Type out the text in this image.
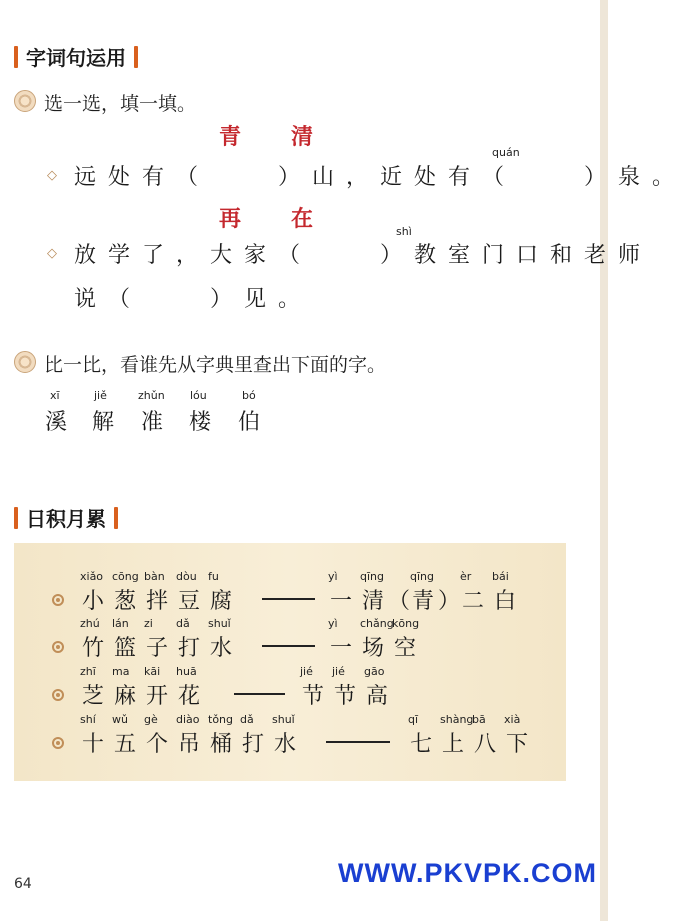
字词句运用
选一选，填一填。
青 清
◇
quán
远处有（　　）山，近处有（　　）泉。
再 在
◇
shì
放学了，大家（　　）教室门口和老师
说（　　）见。
比一比，看谁先从字典里查出下面的字。
xī
溪
jiě
解
zhǔn
准
lóu
楼
bó
伯
日积月累
xiǎo
小
cōng
葱
bàn
拌
dòu
豆
fu
腐
yì
一
qīng
清 （
qīng
青 ）
èr
二
bái
白
zhú
竹
lán
篮
zi
子
dǎ
打
shuǐ
水
yì
一
chǎng
场
kōng
空
zhī
芝
ma
麻
kāi
开
huā
花
jié
节
jié
节
gāo
高
shí
十
wǔ
五
gè
个
diào
吊
tǒng
桶
dǎ
打
shuǐ
水
qī
七
shàng
上
bā
八
xià
下
64	WWW.PKVPK.COM
